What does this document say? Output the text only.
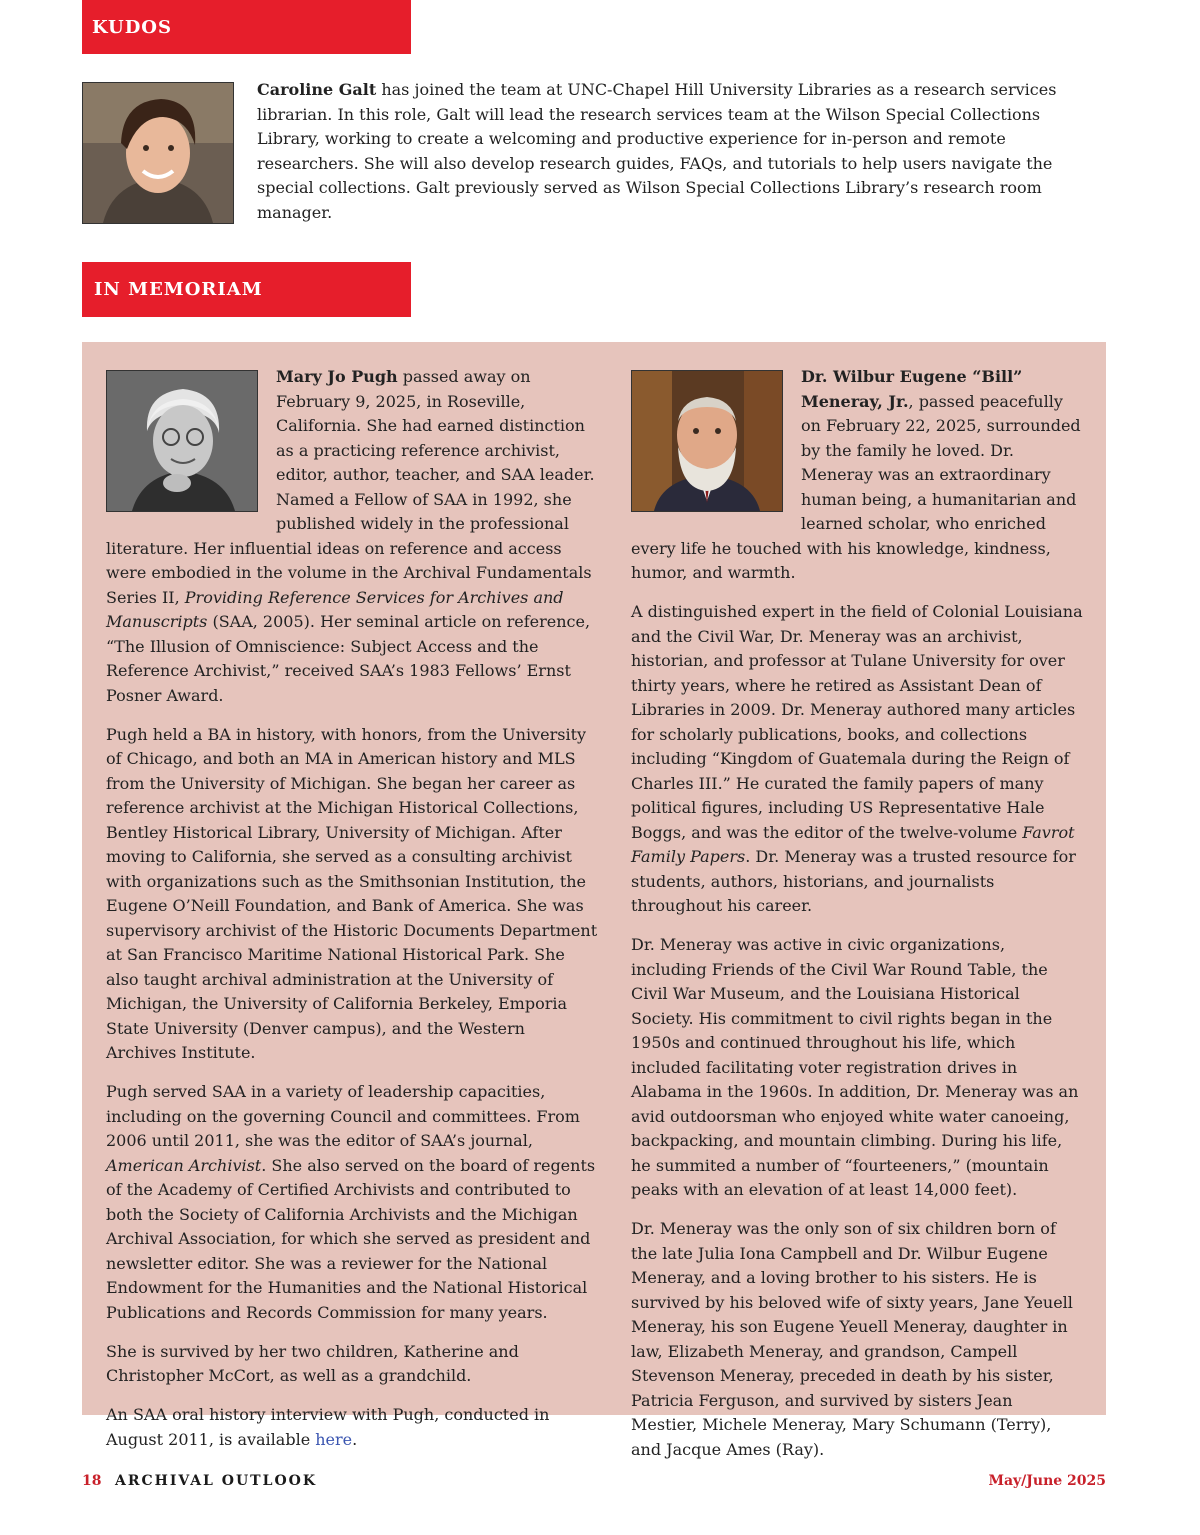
KUDOS

Caroline Galt has joined the team at UNC-Chapel Hill University Libraries as a research services librarian. In this role, Galt will lead the research services team at the Wilson Special Collections Library, working to create a welcoming and productive experience for in-person and remote researchers. She will also develop research guides, FAQs, and tutorials to help users navigate the special collections. Galt previously served as Wilson Special Collections Library’s research room manager.

IN MEMORIAM

Mary Jo Pugh passed away on February 9, 2025, in Roseville, California. She had earned distinction as a practicing reference archivist, editor, author, teacher, and SAA leader. Named a Fellow of SAA in 1992, she published widely in the professional literature. Her influential ideas on reference and access were embodied in the volume in the Archival Fundamentals Series II, Providing Reference Services for Archives and Manuscripts (SAA, 2005). Her seminal article on reference, “The Illusion of Omniscience: Subject Access and the Reference Archivist,” received SAA’s 1983 Fellows’ Ernst Posner Award.

Pugh held a BA in history, with honors, from the University of Chicago, and both an MA in American history and MLS from the University of Michigan. She began her career as reference archivist at the Michigan Historical Collections, Bentley Historical Library, University of Michigan. After moving to California, she served as a consulting archivist with organizations such as the Smithsonian Institution, the Eugene O’Neill Foundation, and Bank of America. She was supervisory archivist of the Historic Documents Department at San Francisco Maritime National Historical Park. She also taught archival administration at the University of Michigan, the University of California Berkeley, Emporia State University (Denver campus), and the Western Archives Institute.

Pugh served SAA in a variety of leadership capacities, including on the governing Council and committees. From 2006 until 2011, she was the editor of SAA’s journal, American Archivist. She also served on the board of regents of the Academy of Certified Archivists and contributed to both the Society of California Archivists and the Michigan Archival Association, for which she served as president and newsletter editor. She was a reviewer for the National Endowment for the Humanities and the National Historical Publications and Records Commission for many years.

She is survived by her two children, Katherine and Christopher McCort, as well as a grandchild.

An SAA oral history interview with Pugh, conducted in August 2011, is available here.

Dr. Wilbur Eugene “Bill” Meneray, Jr., passed peacefully on February 22, 2025, surrounded by the family he loved. Dr. Meneray was an extraordinary human being, a humanitarian and learned scholar, who enriched every life he touched with his knowledge, kindness, humor, and warmth.

A distinguished expert in the field of Colonial Louisiana and the Civil War, Dr. Meneray was an archivist, historian, and professor at Tulane University for over thirty years, where he retired as Assistant Dean of Libraries in 2009. Dr. Meneray authored many articles for scholarly publications, books, and collections including “Kingdom of Guatemala during the Reign of Charles III.” He curated the family papers of many political figures, including US Representative Hale Boggs, and was the editor of the twelve-volume Favrot Family Papers. Dr. Meneray was a trusted resource for students, authors, historians, and journalists throughout his career.

Dr. Meneray was active in civic organizations, including Friends of the Civil War Round Table, the Civil War Museum, and the Louisiana Historical Society. His commitment to civil rights began in the 1950s and continued throughout his life, which included facilitating voter registration drives in Alabama in the 1960s. In addition, Dr. Meneray was an avid outdoorsman who enjoyed white water canoeing, backpacking, and mountain climbing. During his life, he summited a number of “fourteeners,” (mountain peaks with an elevation of at least 14,000 feet).

Dr. Meneray was the only son of six children born of the late Julia Iona Campbell and Dr. Wilbur Eugene Meneray, and a loving brother to his sisters. He is survived by his beloved wife of sixty years, Jane Yeuell Meneray, his son Eugene Yeuell Meneray, daughter in law, Elizabeth Meneray, and grandson, Campell Stevenson Meneray, preceded in death by his sister, Patricia Ferguson, and survived by sisters Jean Mestier, Michele Meneray, Mary Schumann (Terry), and Jacque Ames (Ray).

18 ARCHIVAL OUTLOOK	May/June 2025
